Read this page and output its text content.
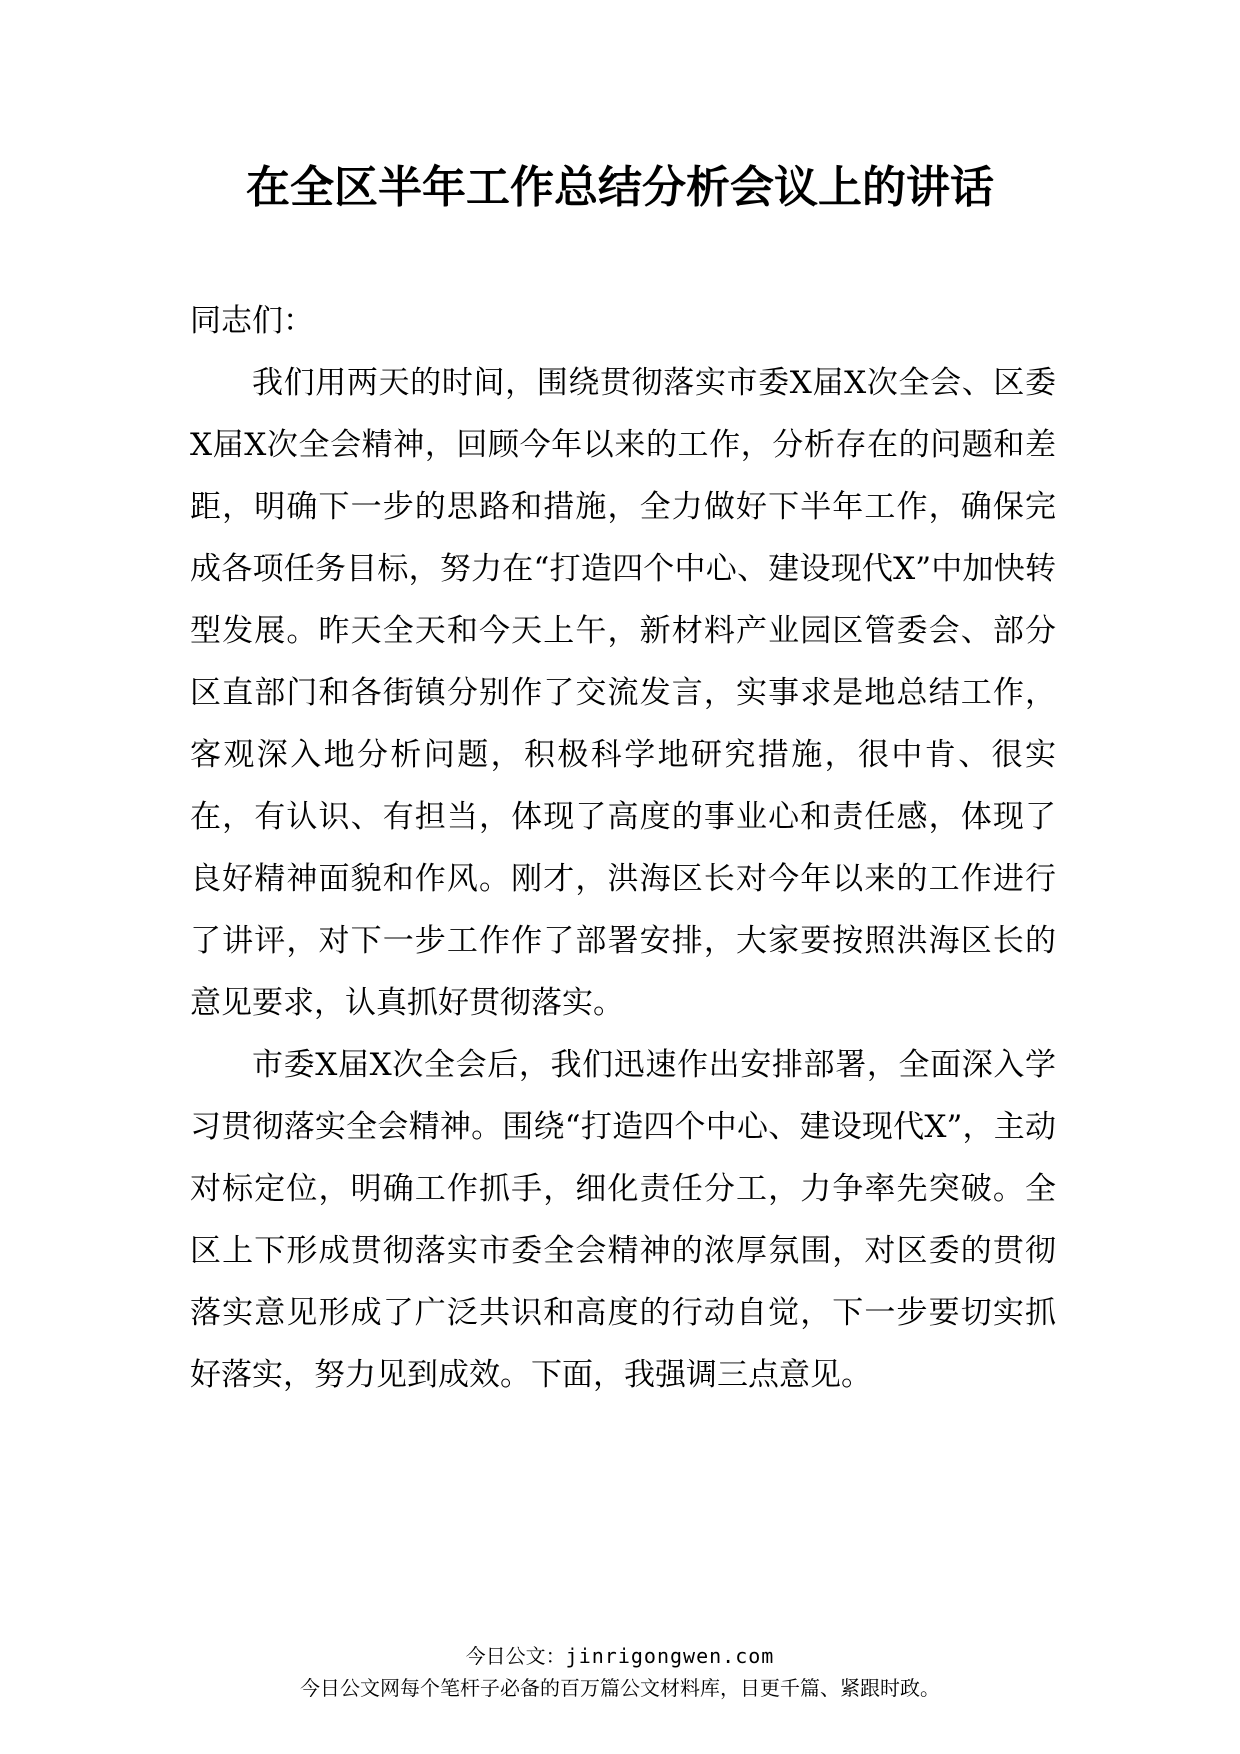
在全区半年工作总结分析会议上的讲话

同志们：

我们用两天的时间，围绕贯彻落实市委X届X次全会、区委X届X次全会精神，回顾今年以来的工作，分析存在的问题和差距，明确下一步的思路和措施，全力做好下半年工作，确保完成各项任务目标，努力在“打造四个中心、建设现代X”中加快转型发展。昨天全天和今天上午，新材料产业园区管委会、部分区直部门和各街镇分别作了交流发言，实事求是地总结工作，客观深入地分析问题，积极科学地研究措施，很中肯、很实在，有认识、有担当，体现了高度的事业心和责任感，体现了良好精神面貌和作风。刚才，洪海区长对今年以来的工作进行了讲评，对下一步工作作了部署安排，大家要按照洪海区长的意见要求，认真抓好贯彻落实。

市委X届X次全会后，我们迅速作出安排部署，全面深入学习贯彻落实全会精神。围绕“打造四个中心、建设现代X”，主动对标定位，明确工作抓手，细化责任分工，力争率先突破。全区上下形成贯彻落实市委全会精神的浓厚氛围，对区委的贯彻落实意见形成了广泛共识和高度的行动自觉，下一步要切实抓好落实，努力见到成效。下面，我强调三点意见。

今日公文：jinrigongwen.com

今日公文网每个笔杆子必备的百万篇公文材料库，日更千篇、紧跟时政。
